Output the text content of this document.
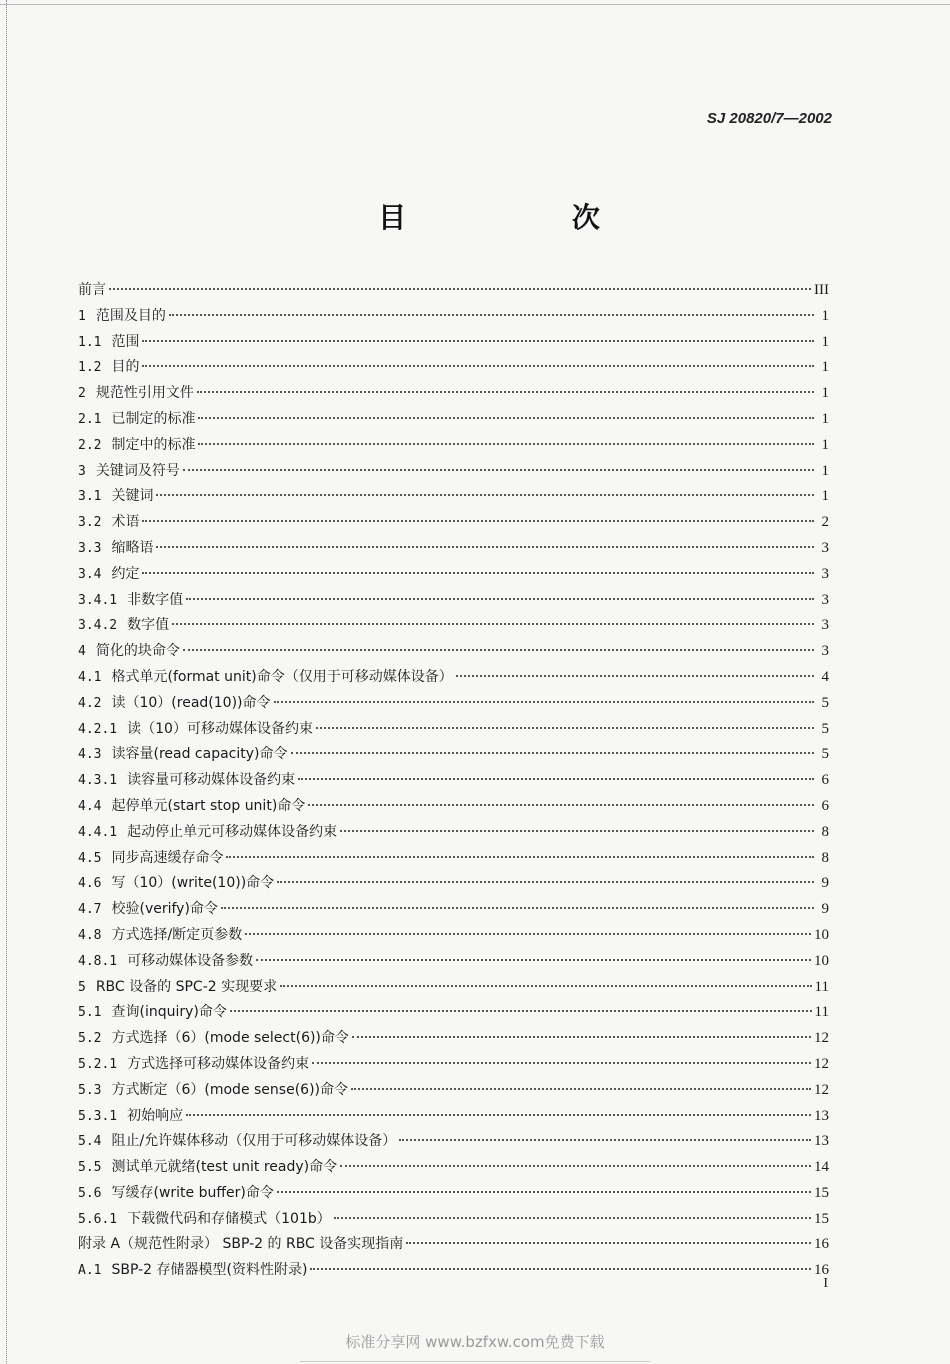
SJ 20820/7—2002
目 次
前言	III
1 范围及目的	1
1.1 范围	1
1.2 目的	1
2 规范性引用文件	1
2.1 已制定的标准	1
2.2 制定中的标准	1
3 关键词及符号	1
3.1 关键词	1
3.2 术语	2
3.3 缩略语	3
3.4 约定	3
3.4.1 非数字值	3
3.4.2 数字值	3
4 简化的块命令	3
4.1 格式单元(format unit)命令（仅用于可移动媒体设备）	4
4.2 读（10）(read(10))命令	5
4.2.1 读（10）可移动媒体设备约束	5
4.3 读容量(read capacity)命令	5
4.3.1 读容量可移动媒体设备约束	6
4.4 起停单元(start stop unit)命令	6
4.4.1 起动停止单元可移动媒体设备约束	8
4.5 同步高速缓存命令	8
4.6 写（10）(write(10))命令	9
4.7 校验(verify)命令	9
4.8 方式选择/断定页参数	10
4.8.1 可移动媒体设备参数	10
5 RBC 设备的 SPC-2 实现要求	11
5.1 查询(inquiry)命令	11
5.2 方式选择（6）(mode select(6))命令	12
5.2.1 方式选择可移动媒体设备约束	12
5.3 方式断定（6）(mode sense(6))命令	12
5.3.1 初始响应	13
5.4 阻止/允许媒体移动（仅用于可移动媒体设备）	13
5.5 测试单元就绪(test unit ready)命令	14
5.6 写缓存(write buffer)命令	15
5.6.1 下载微代码和存储模式（101b）	15
附录 A（规范性附录） SBP-2 的 RBC 设备实现指南	16
A.1 SBP-2 存储器模型(资料性附录)	16
I
标准分享网 www.bzfxw.com免费下载
